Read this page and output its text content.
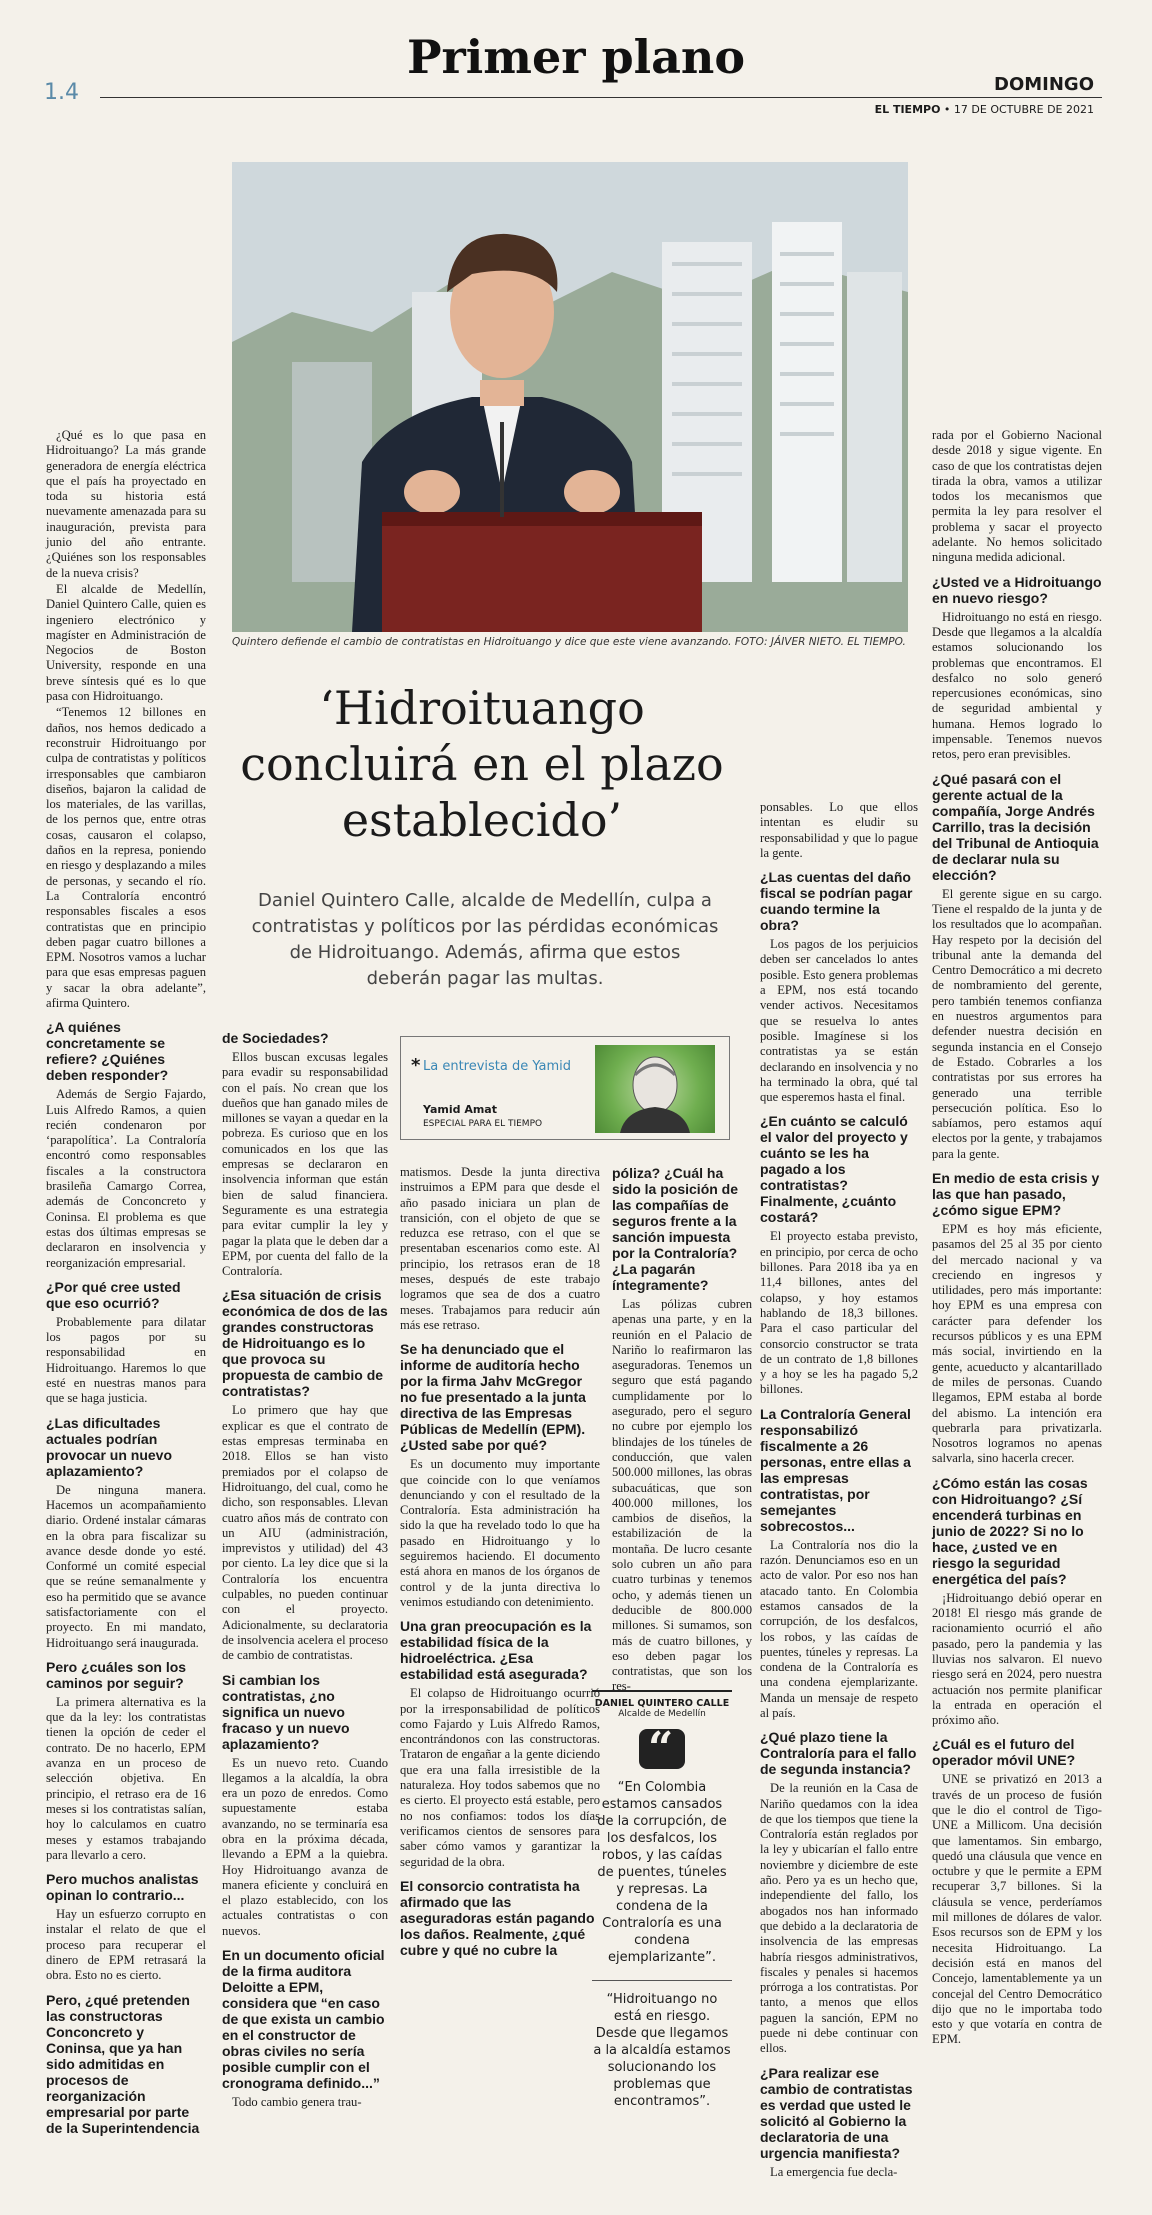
1.4
Primer plano
DOMINGO
EL TIEMPO • 17 DE OCTUBRE DE 2021
Quintero defiende el cambio de contratistas en Hidroituango y dice que este viene avanzando. FOTO: JÁIVER NIETO. EL TIEMPO.
‘Hidroituango concluirá en el plazo establecido’

Daniel Quintero Calle, alcalde de Medellín, culpa a contratistas y políticos por las pérdidas económicas de Hidroituango. Además, afirma que estos deberán pagar las multas.

* La entrevista de Yamid
Yamid Amat
ESPECIAL PARA EL TIEMPO

¿Qué es lo que pasa en Hidroituango? La más grande generadora de energía eléctrica que el país ha proyectado en toda su historia está nuevamente amenazada para su inauguración, prevista para junio del año entrante. ¿Quiénes son los responsables de la nueva crisis?

El alcalde de Medellín, Daniel Quintero Calle, quien es ingeniero electrónico y magíster en Administración de Negocios de Boston University, responde en una breve síntesis qué es lo que pasa con Hidroituango.

“Tenemos 12 billones en daños, nos hemos dedicado a reconstruir Hidroituango por culpa de contratistas y políticos irresponsables que cambiaron diseños, bajaron la calidad de los materiales, de las varillas, de los pernos que, entre otras cosas, causaron el colapso, daños en la represa, poniendo en riesgo y desplazando a miles de personas, y secando el río. La Contraloría encontró responsables fiscales a esos contratistas que en principio deben pagar cuatro billones a EPM. Nosotros vamos a luchar para que esas empresas paguen y sacar la obra adelante”, afirma Quintero.

¿A quiénes concretamente se refiere? ¿Quiénes deben responder?

Además de Sergio Fajardo, Luis Alfredo Ramos, a quien recién condenaron por ‘parapolítica’. La Contraloría encontró como responsables fiscales a la constructora brasileña Camargo Correa, además de Conconcreto y Coninsa. El problema es que estas dos últimas empresas se declararon en insolvencia y reorganización empresarial.

¿Por qué cree usted que eso ocurrió?

Probablemente para dilatar los pagos por su responsabilidad en Hidroituango. Haremos lo que esté en nuestras manos para que se haga justicia.

¿Las dificultades actuales podrían provocar un nuevo aplazamiento?

De ninguna manera. Hacemos un acompañamiento diario. Ordené instalar cámaras en la obra para fiscalizar su avance desde donde yo esté. Conformé un comité especial que se reúne semanalmente y eso ha permitido que se avance satisfactoriamente con el proyecto. En mi mandato, Hidroituango será inaugurada.

Pero ¿cuáles son los caminos por seguir?

La primera alternativa es la que da la ley: los contratistas tienen la opción de ceder el contrato. De no hacerlo, EPM avanza en un proceso de selección objetiva. En principio, el retraso era de 16 meses si los contratistas salían, hoy lo calculamos en cuatro meses y estamos trabajando para llevarlo a cero.

Pero muchos analistas opinan lo contrario...

Hay un esfuerzo corrupto en instalar el relato de que el proceso para recuperar el dinero de EPM retrasará la obra. Esto no es cierto.

Pero, ¿qué pretenden las constructoras Conconcreto y Coninsa, que ya han sido admitidas en procesos de reorganización empresarial por parte de la Superintendencia
de Sociedades?

Ellos buscan excusas legales para evadir su responsabilidad con el país. No crean que los dueños que han ganado miles de millones se vayan a quedar en la pobreza. Es curioso que en los comunicados en los que las empresas se declararon en insolvencia informan que están bien de salud financiera. Seguramente es una estrategia para evitar cumplir la ley y pagar la plata que le deben dar a EPM, por cuenta del fallo de la Contraloría.

¿Esa situación de crisis económica de dos de las grandes constructoras de Hidroituango es lo que provoca su propuesta de cambio de contratistas?

Lo primero que hay que explicar es que el contrato de estas empresas terminaba en 2018. Ellos se han visto premiados por el colapso de Hidroituango, del cual, como he dicho, son responsables. Llevan cuatro años más de contrato con un AIU (administración, imprevistos y utilidad) del 43 por ciento. La ley dice que si la Contraloría los encuentra culpables, no pueden continuar con el proyecto. Adicionalmente, su declaratoria de insolvencia acelera el proceso de cambio de contratistas.

Si cambian los contratistas, ¿no significa un nuevo fracaso y un nuevo aplazamiento?

Es un nuevo reto. Cuando llegamos a la alcaldía, la obra era un pozo de enredos. Como supuestamente estaba avanzando, no se terminaría esa obra en la próxima década, llevando a EPM a la quiebra. Hoy Hidroituango avanza de manera eficiente y concluirá en el plazo establecido, con los actuales contratistas o con nuevos.

En un documento oficial de la firma auditora Deloitte a EPM, considera que “en caso de que exista un cambio en el constructor de obras civiles no sería posible cumplir con el cronograma definido...”

Todo cambio genera trau-

matismos. Desde la junta directiva instruimos a EPM para que desde el año pasado iniciara un plan de transición, con el objeto de que se reduzca ese retraso, con el que se presentaban escenarios como este. Al principio, los retrasos eran de 18 meses, después de este trabajo logramos que sea de dos a cuatro meses. Trabajamos para reducir aún más ese retraso.

Se ha denunciado que el informe de auditoría hecho por la firma Jahv McGregor no fue presentado a la junta directiva de las Empresas Públicas de Medellín (EPM). ¿Usted sabe por qué?

Es un documento muy importante que coincide con lo que veníamos denunciando y con el resultado de la Contraloría. Esta administración ha sido la que ha revelado todo lo que ha pasado en Hidroituango y lo seguiremos haciendo. El documento está ahora en manos de los órganos de control y de la junta directiva lo venimos estudiando con detenimiento.

Una gran preocupación es la estabilidad física de la hidroeléctrica. ¿Esa estabilidad está asegurada?

El colapso de Hidroituango ocurrió por la irresponsabilidad de políticos como Fajardo y Luis Alfredo Ramos, encontrándonos con las constructoras. Trataron de engañar a la gente diciendo que era una falla irresistible de la naturaleza. Hoy todos sabemos que no es cierto. El proyecto está estable, pero no nos confiamos: todos los días verificamos cientos de sensores para saber cómo vamos y garantizar la seguridad de la obra.

El consorcio contratista ha afirmado que las aseguradoras están pagando los daños. Realmente, ¿qué cubre y qué no cubre la
póliza? ¿Cuál ha sido la posición de las compañías de seguros frente a la sanción impuesta por la Contraloría? ¿La pagarán íntegramente?

Las pólizas cubren apenas una parte, y en la reunión en el Palacio de Nariño lo reafirmaron las aseguradoras. Tenemos un seguro que está pagando cumplidamente por lo asegurado, pero el seguro no cubre por ejemplo los blindajes de los túneles de conducción, que valen 500.000 millones, las obras subacuáticas, que son 400.000 millones, los cambios de diseños, la estabilización de la montaña. De lucro cesante solo cubren un año para cuatro turbinas y tenemos ocho, y además tienen un deducible de 800.000 millones. Si sumamos, son más de cuatro billones, y eso deben pagar los contratistas, que son los res-

DANIEL QUINTERO CALLE
Alcalde de Medellín
“
“En Colombia estamos cansados de la corrupción, de los desfalcos, los robos, y las caídas de puentes, túneles y represas. La condena de la Contraloría es una condena ejemplarizante”.
“Hidroituango no está en riesgo. Desde que llegamos a la alcaldía estamos solucionando los problemas que encontramos”.

ponsables. Lo que ellos intentan es eludir su responsabilidad y que lo pague la gente.

¿Las cuentas del daño fiscal se podrían pagar cuando termine la obra?

Los pagos de los perjuicios deben ser cancelados lo antes posible. Esto genera problemas a EPM, nos está tocando vender activos. Necesitamos que se resuelva lo antes posible. Imagínese si los contratistas ya se están declarando en insolvencia y no ha terminado la obra, qué tal que esperemos hasta el final.

¿En cuánto se calculó el valor del proyecto y cuánto se les ha pagado a los contratistas? Finalmente, ¿cuánto costará?

El proyecto estaba previsto, en principio, por cerca de ocho billones. Para 2018 iba ya en 11,4 billones, antes del colapso, y hoy estamos hablando de 18,3 billones. Para el caso particular del consorcio constructor se trata de un contrato de 1,8 billones y a hoy se les ha pagado 5,2 billones.

La Contraloría General responsabilizó fiscalmente a 26 personas, entre ellas a las empresas contratistas, por semejantes sobrecostos...

La Contraloría nos dio la razón. Denunciamos eso en un acto de valor. Por eso nos han atacado tanto. En Colombia estamos cansados de la corrupción, de los desfalcos, los robos, y las caídas de puentes, túneles y represas. La condena de la Contraloría es una condena ejemplarizante. Manda un mensaje de respeto al país.

¿Qué plazo tiene la Contraloría para el fallo de segunda instancia?

De la reunión en la Casa de Nariño quedamos con la idea de que los tiempos que tiene la Contraloría están reglados por la ley y ubicarían el fallo entre noviembre y diciembre de este año. Pero ya es un hecho que, independiente del fallo, los abogados nos han informado que debido a la declaratoria de insolvencia de las empresas habría riesgos administrativos, fiscales y penales si hacemos prórroga a los contratistas. Por tanto, a menos que ellos paguen la sanción, EPM no puede ni debe continuar con ellos.

¿Para realizar ese cambio de contratistas es verdad que usted le solicitó al Gobierno la declaratoria de una urgencia manifiesta?

La emergencia fue decla-

rada por el Gobierno Nacional desde 2018 y sigue vigente. En caso de que los contratistas dejen tirada la obra, vamos a utilizar todos los mecanismos que permita la ley para resolver el problema y sacar el proyecto adelante. No hemos solicitado ninguna medida adicional.

¿Usted ve a Hidroituango en nuevo riesgo?

Hidroituango no está en riesgo. Desde que llegamos a la alcaldía estamos solucionando los problemas que encontramos. El desfalco no solo generó repercusiones económicas, sino de seguridad ambiental y humana. Hemos logrado lo impensable. Tenemos nuevos retos, pero eran previsibles.

¿Qué pasará con el gerente actual de la compañía, Jorge Andrés Carrillo, tras la decisión del Tribunal de Antioquia de declarar nula su elección?

El gerente sigue en su cargo. Tiene el respaldo de la junta y de los resultados que lo acompañan. Hay respeto por la decisión del tribunal ante la demanda del Centro Democrático a mi decreto de nombramiento del gerente, pero también tenemos confianza en nuestros argumentos para defender nuestra decisión en segunda instancia en el Consejo de Estado. Cobrarles a los contratistas por sus errores ha generado una terrible persecución política. Eso lo sabíamos, pero estamos aquí electos por la gente, y trabajamos para la gente.

En medio de esta crisis y las que han pasado, ¿cómo sigue EPM?

EPM es hoy más eficiente, pasamos del 25 al 35 por ciento del mercado nacional y va creciendo en ingresos y utilidades, pero más importante: hoy EPM es una empresa con carácter para defender los recursos públicos y es una EPM más social, invirtiendo en la gente, acueducto y alcantarillado de miles de personas. Cuando llegamos, EPM estaba al borde del abismo. La intención era quebrarla para privatizarla. Nosotros logramos no apenas salvarla, sino hacerla crecer.

¿Cómo están las cosas con Hidroituango? ¿Sí encenderá turbinas en junio de 2022? Si no lo hace, ¿usted ve en riesgo la seguridad energética del país?

¡Hidroituango debió operar en 2018! El riesgo más grande de racionamiento ocurrió el año pasado, pero la pandemia y las lluvias nos salvaron. El nuevo riesgo será en 2024, pero nuestra actuación nos permite planificar la entrada en operación el próximo año.

¿Cuál es el futuro del operador móvil UNE?

UNE se privatizó en 2013 a través de un proceso de fusión que le dio el control de Tigo-UNE a Millicom. Una decisión que lamentamos. Sin embargo, quedó una cláusula que vence en octubre y que le permite a EPM recuperar 3,7 billones. Si la cláusula se vence, perderíamos mil millones de dólares de valor. Esos recursos son de EPM y los necesita Hidroituango. La decisión está en manos del Concejo, lamentablemente ya un concejal del Centro Democrático dijo que no le importaba todo esto y que votaría en contra de EPM.
